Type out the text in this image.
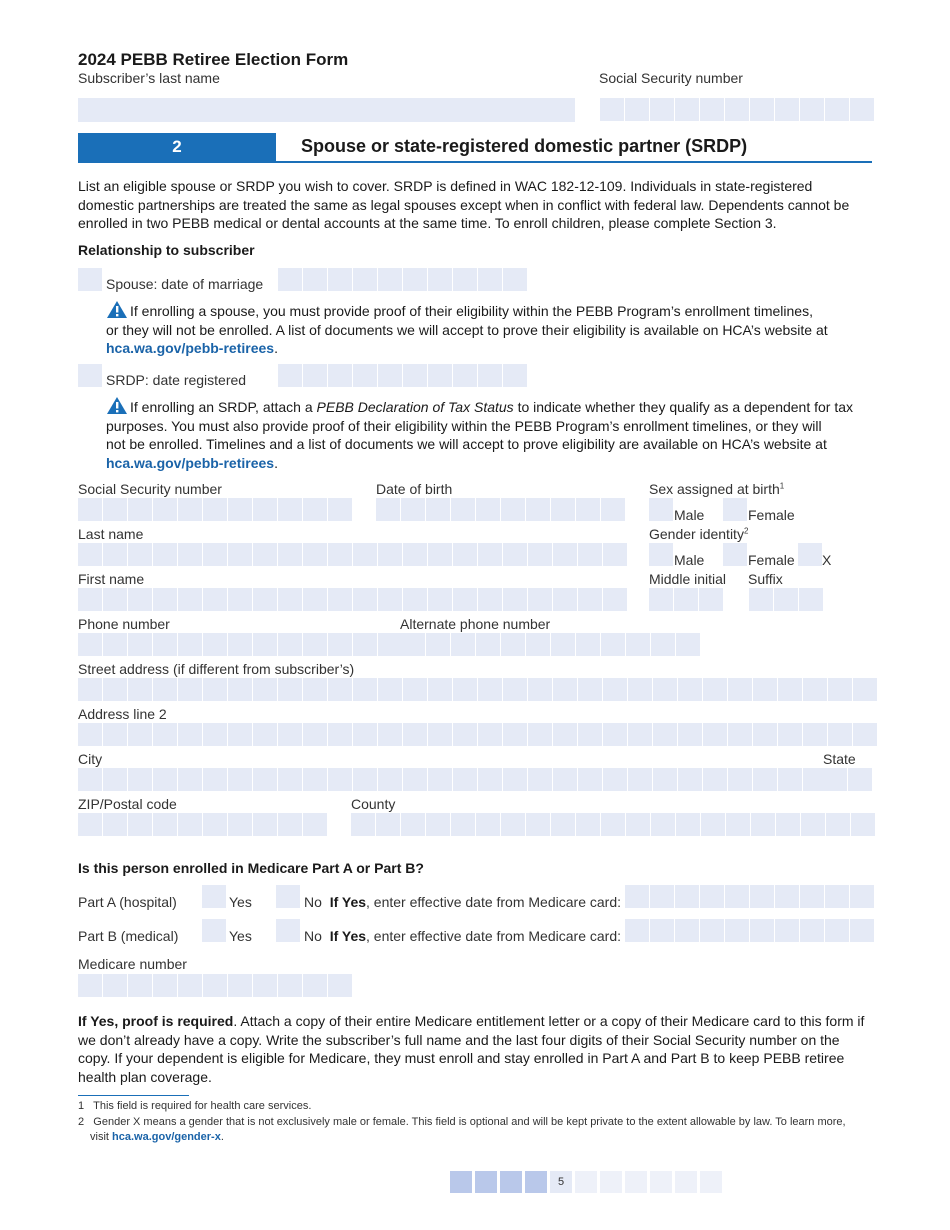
2024 PEBB Retiree Election Form
Subscriber’s last name	Social Security number
2	Spouse or state-registered domestic partner (SRDP)
List an eligible spouse or SRDP you wish to cover. SRDP is defined in WAC 182-12-109. Individuals in state-registered domestic partnerships are treated the same as legal spouses except when in conflict with federal law. Dependents cannot be enrolled in two PEBB medical or dental accounts at the same time. To enroll children, please complete Section 3.
Relationship to subscriber
Spouse: date of marriage
If enrolling a spouse, you must provide proof of their eligibility within the PEBB Program’s enrollment timelines,
or they will not be enrolled. A list of documents we will accept to prove their eligibility is available on HCA’s website at
hca.wa.gov/pebb-retirees.
SRDP: date registered
If enrolling an SRDP, attach a PEBB Declaration of Tax Status to indicate whether they qualify as a dependent for tax
purposes. You must also provide proof of their eligibility within the PEBB Program’s enrollment timelines, or they will
not be enrolled. Timelines and a list of documents we will accept to prove eligibility are available on HCA’s website at
hca.wa.gov/pebb-retirees.
Social Security number	Date of birth	Sex assigned at birth$^1$
Male	Female
Last name	Gender identity$^2$
Male	Female X
First name	Middle initial Suffix
Phone number	Alternate phone number
Street address (if different from subscriber’s)
Address line 2
City	State
ZIP/Postal code	County
Is this person enrolled in Medicare Part A or Part B?
Part A (hospital)	Yes	No If Yes, enter effective date from Medicare card:
Part B (medical)	Yes	No If Yes, enter effective date from Medicare card:
Medicare number
If Yes, proof is required. Attach a copy of their entire Medicare entitlement letter or a copy of their Medicare card to this form if we don’t already have a copy. Write the subscriber’s full name and the last four digits of their Social Security number on the copy. If your dependent is eligible for Medicare, they must enroll and stay enrolled in Part A and Part B to keep PEBB retiree health plan coverage.
1 This field is required for health care services.
2 Gender X means a gender that is not exclusively male or female. This field is optional and will be kept private to the extent allowable by law. To learn more,
visit hca.wa.gov/gender-x.
5
